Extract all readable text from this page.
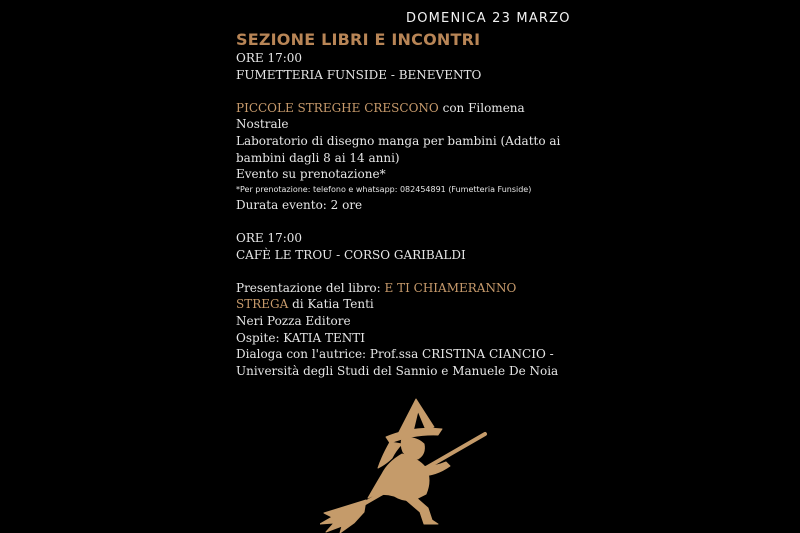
DOMENICA 23 MARZO
SEZIONE LIBRI E INCONTRI
ORE 17:00
FUMETTERIA FUNSIDE - BENEVENTO
PICCOLE STREGHE CRESCONO con Filomena
Nostrale
Laboratorio di disegno manga per bambini (Adatto ai
bambini dagli 8 ai 14 anni)
Evento su prenotazione*
*Per prenotazione: telefono e whatsapp: 082454891 (Fumetteria Funside)
Durata evento: 2 ore
ORE 17:00
CAFÈ LE TROU - CORSO GARIBALDI
Presentazione del libro: E TI CHIAMERANNO
STREGA di Katia Tenti
Neri Pozza Editore
Ospite: KATIA TENTI
Dialoga con l'autrice: Prof.ssa CRISTINA CIANCIO -
Università degli Studi del Sannio e Manuele De Noia
